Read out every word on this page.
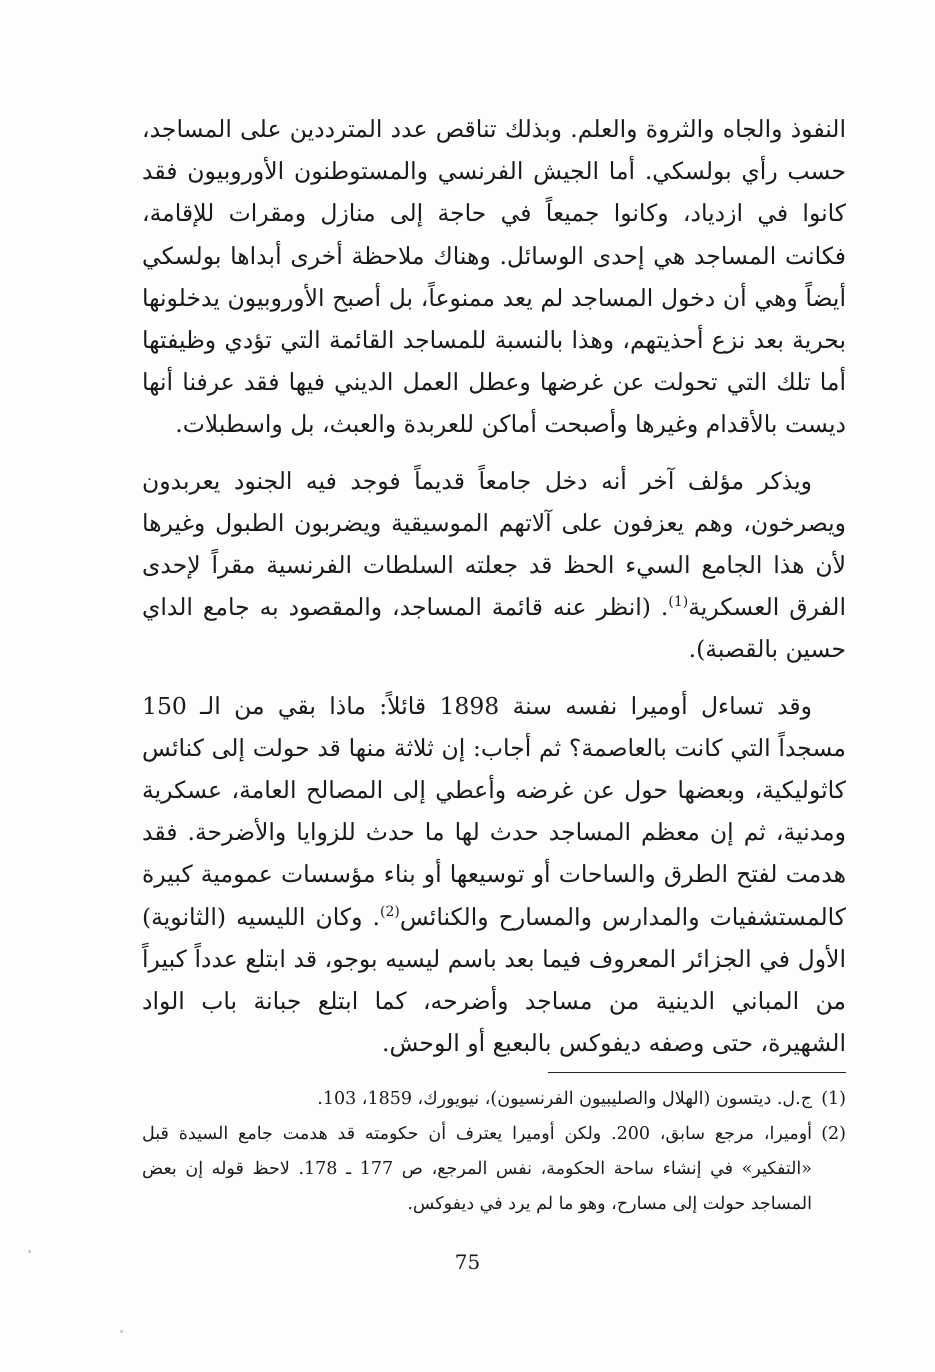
النفوذ والجاه والثروة والعلم. وبذلك تناقص عدد المترددين على المساجد، حسب رأي بولسكي. أما الجيش الفرنسي والمستوطنون الأوروبيون فقد كانوا في ازدياد، وكانوا جميعاً في حاجة إلى منازل ومقرات للإقامة، فكانت المساجد هي إحدى الوسائل. وهناك ملاحظة أخرى أبداها بولسكي أيضاً وهي أن دخول المساجد لم يعد ممنوعاً، بل أصبح الأوروبيون يدخلونها بحرية بعد نزع أحذيتهم، وهذا بالنسبة للمساجد القائمة التي تؤدي وظيفتها أما تلك التي تحولت عن غرضها وعطل العمل الديني فيها فقد عرفنا أنها ديست بالأقدام وغيرها وأصبحت أماكن للعربدة والعبث، بل واسطبلات.

ويذكر مؤلف آخر أنه دخل جامعاً قديماً فوجد فيه الجنود يعربدون ويصرخون، وهم يعزفون على آلاتهم الموسيقية ويضربون الطبول وغيرها لأن هذا الجامع السيء الحظ قد جعلته السلطات الفرنسية مقراً لإحدى الفرق العسكرية$^{(1)}$. (انظر عنه قائمة المساجد، والمقصود به جامع الداي حسين بالقصبة).

وقد تساءل أوميرا نفسه سنة 1898 قائلاً: ماذا بقي من الـ 150 مسجداً التي كانت بالعاصمة؟ ثم أجاب: إن ثلاثة منها قد حولت إلى كنائس كاثوليكية، وبعضها حول عن غرضه وأعطي إلى المصالح العامة، عسكرية ومدنية، ثم إن معظم المساجد حدث لها ما حدث للزوايا والأضرحة. فقد هدمت لفتح الطرق والساحات أو توسيعها أو بناء مؤسسات عمومية كبيرة كالمستشفيات والمدارس والمسارح والكنائس$^{(2)}$. وكان الليسيه (الثانوية) الأول في الجزائر المعروف فيما بعد باسم ليسيه بوجو، قد ابتلع عدداً كبيراً من المباني الدينية من مساجد وأضرحه، كما ابتلع جبانة باب الواد الشهيرة، حتى وصفه ديفوكس بالبعبع أو الوحش.

(1)
ج.ل. ديتسون (الهلال والصليبيون الفرنسيون)، نيويورك، 1859، 103.
(2)
أوميرا، مرجع سابق، 200. ولكن أوميرا يعترف أن حكومته قد هدمت جامع السيدة قبل «التفكير» في إنشاء ساحة الحكومة، نفس المرجع، ص 177 ـ 178. لاحظ قوله إن بعض المساجد حولت إلى مسارح، وهو ما لم يرد في ديفوكس.
75
